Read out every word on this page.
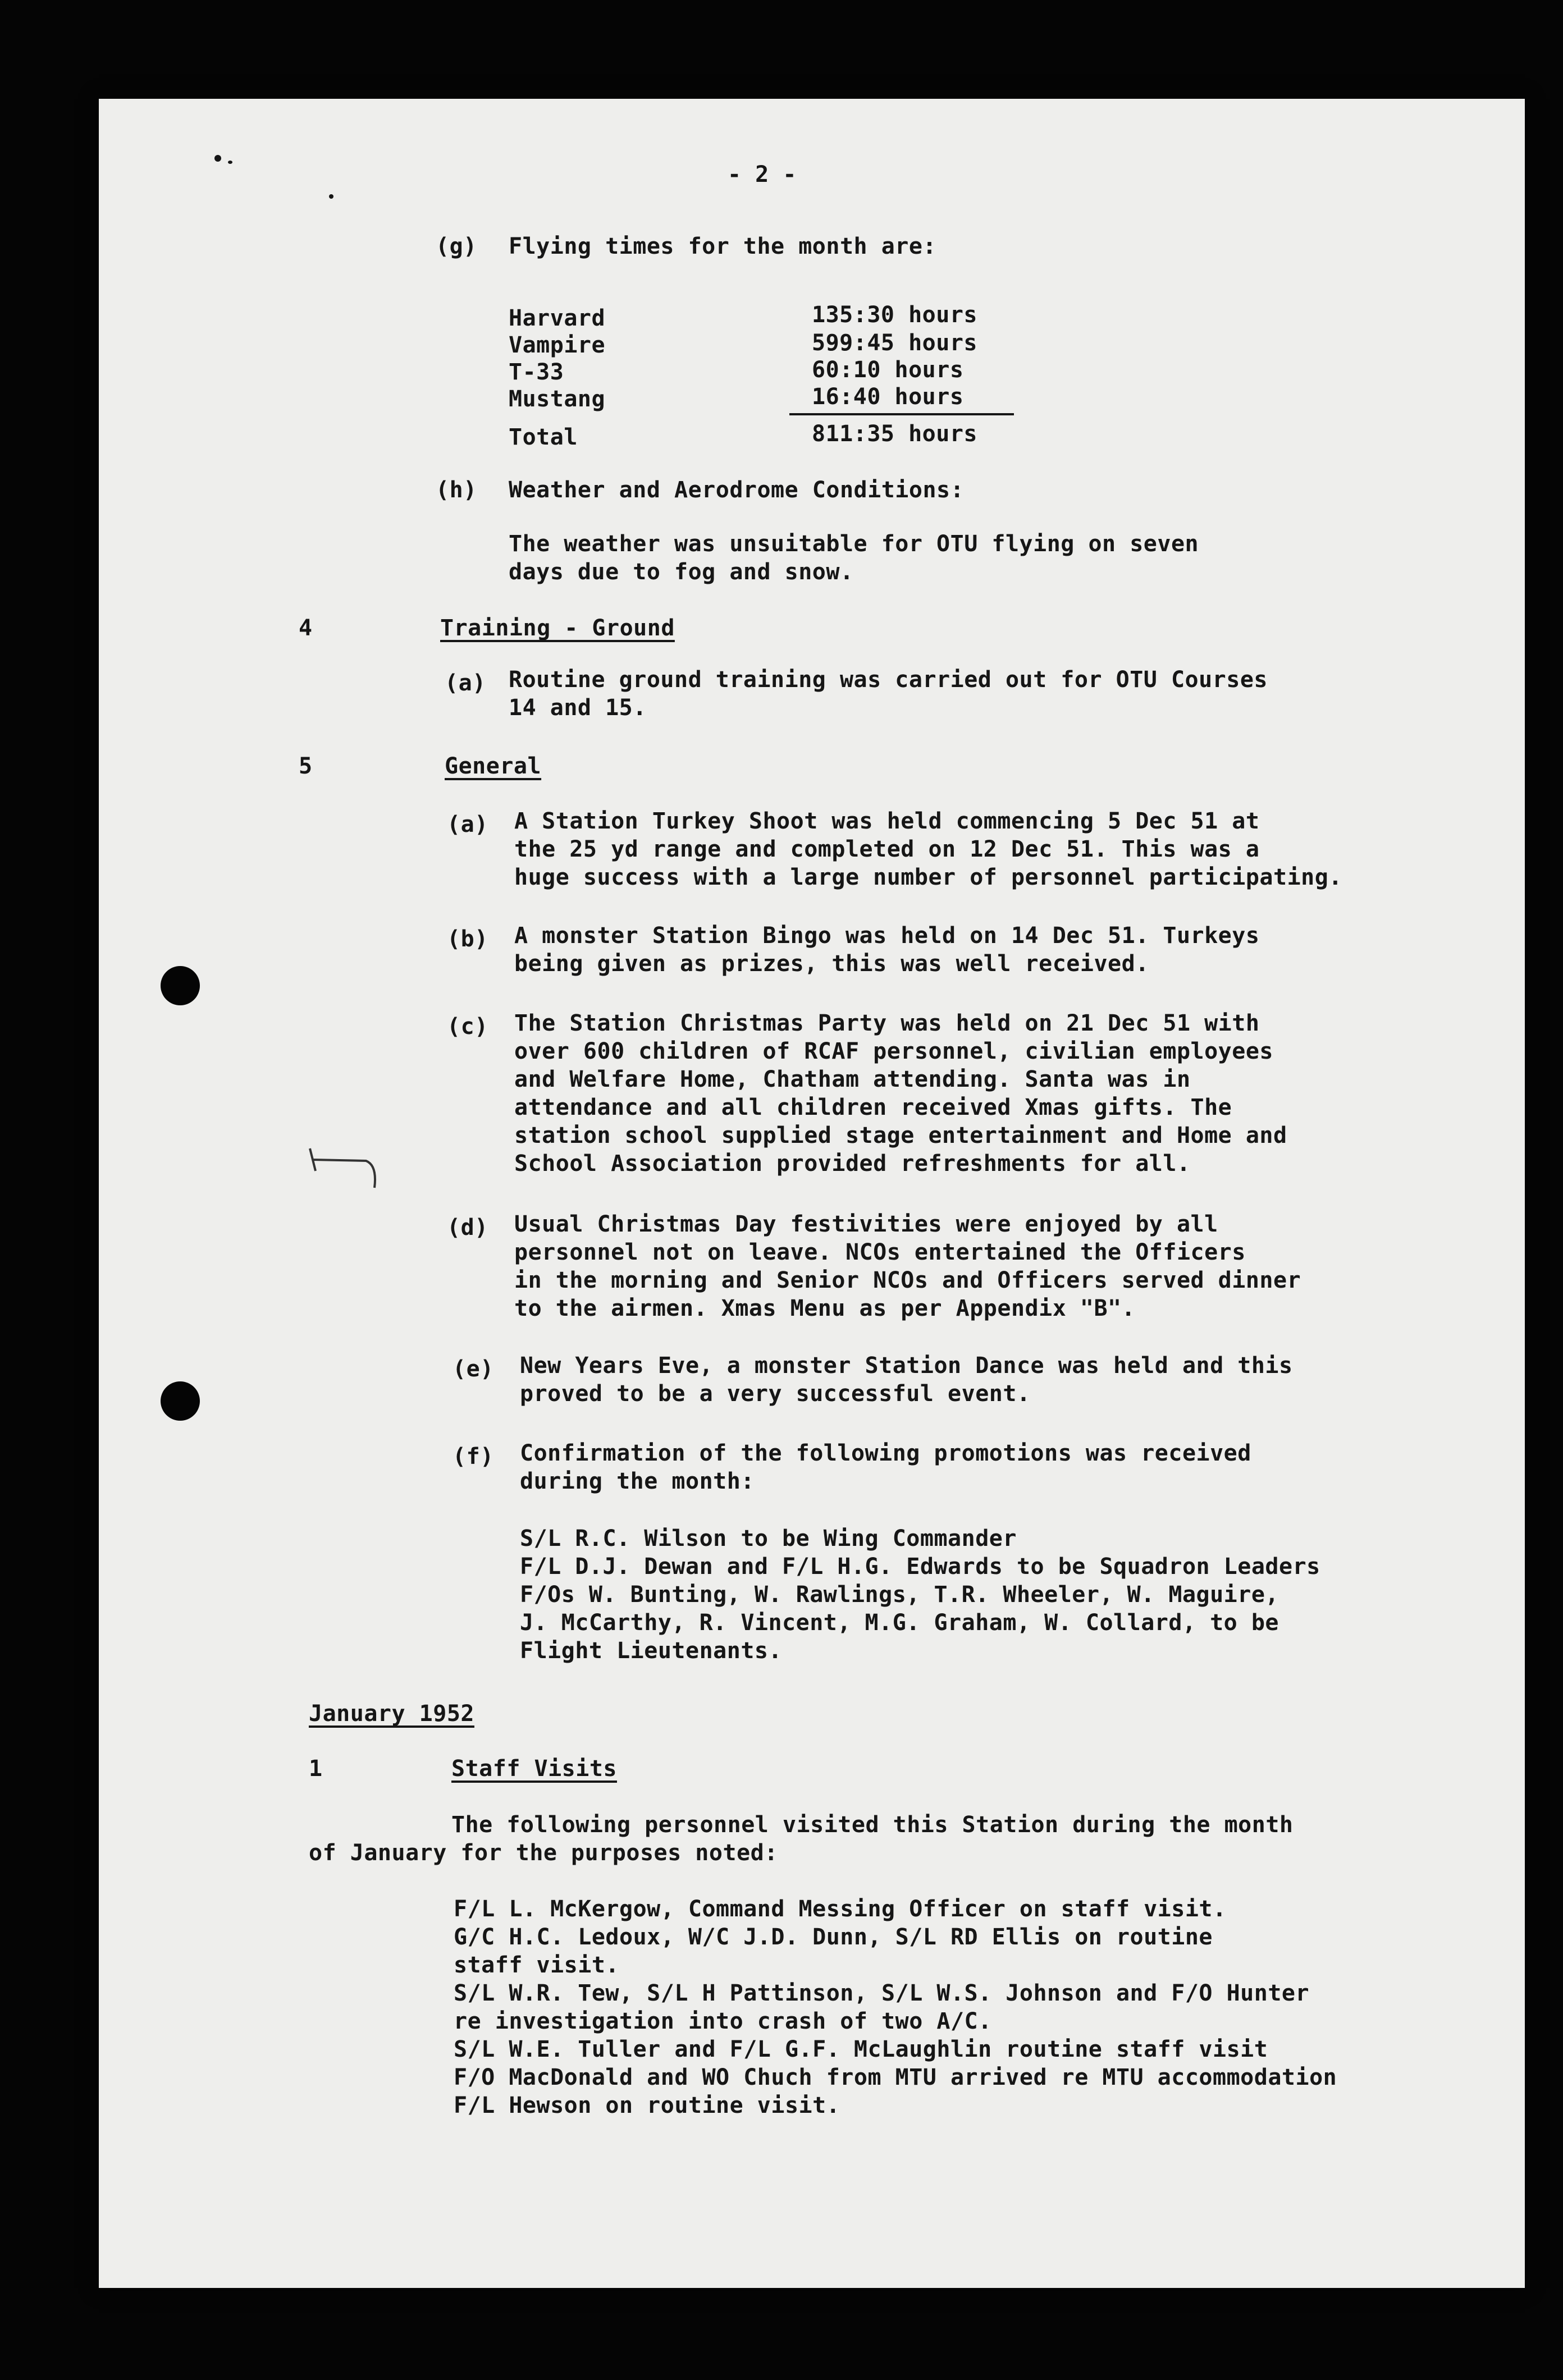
- 2 -
(g) Flying times for the month are:
Harvard	135:30 hours
Vampire	599:45 hours
T-33	60:10 hours
Mustang	16:40 hours
Total	811:35 hours
(h) Weather and Aerodrome Conditions:
The weather was unsuitable for OTU flying on seven
days due to fog and snow.
4	Training - Ground
(a) Routine ground training was carried out for OTU Courses
14 and 15.
5	General
(a) A Station Turkey Shoot was held commencing 5 Dec 51 at
the 25 yd range and completed on 12 Dec 51. This was a
huge success with a large number of personnel participating.
(b) A monster Station Bingo was held on 14 Dec 51. Turkeys
being given as prizes, this was well received.
(c) The Station Christmas Party was held on 21 Dec 51 with
over 600 children of RCAF personnel, civilian employees
and Welfare Home, Chatham attending. Santa was in
attendance and all children received Xmas gifts. The
station school supplied stage entertainment and Home and
School Association provided refreshments for all.
(d) Usual Christmas Day festivities were enjoyed by all
personnel not on leave. NCOs entertained the Officers
in the morning and Senior NCOs and Officers served dinner
to the airmen. Xmas Menu as per Appendix "B".
(e) New Years Eve, a monster Station Dance was held and this
proved to be a very successful event.
(f) Confirmation of the following promotions was received
during the month:
S/L R.C. Wilson to be Wing Commander
F/L D.J. Dewan and F/L H.G. Edwards to be Squadron Leaders
F/Os W. Bunting, W. Rawlings, T.R. Wheeler, W. Maguire,
J. McCarthy, R. Vincent, M.G. Graham, W. Collard, to be
Flight Lieutenants.
January 1952
1	Staff Visits
The following personnel visited this Station during the month
of January for the purposes noted:
F/L L. McKergow, Command Messing Officer on staff visit.
G/C H.C. Ledoux, W/C J.D. Dunn, S/L RD Ellis on routine
staff visit.
S/L W.R. Tew, S/L H Pattinson, S/L W.S. Johnson and F/O Hunter
re investigation into crash of two A/C.
S/L W.E. Tuller and F/L G.F. McLaughlin routine staff visit
F/O MacDonald and WO Chuch from MTU arrived re MTU accommodation
F/L Hewson on routine visit.
